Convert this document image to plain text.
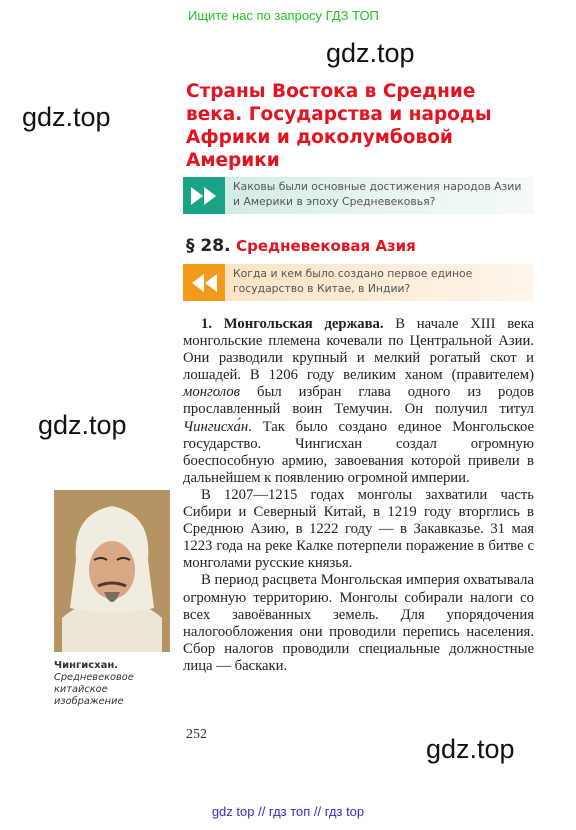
Ищите нас по запросу ГДЗ ТОП
gdz.top
gdz.top
gdz.top
gdz.top
Страны Востока в Средние века. Государства и народы Африки и доколумбовой Америки
Каковы были основные достижения народов Азии и Америки в эпоху Средневековья?
§ 28. Средневековая Азия
Когда и кем было создано первое единое государство в Китае, в Индии?

1. Монгольская держава. В начале XIII века монгольские племена кочевали по Центральной Азии. Они разводили крупный и мелкий рогатый скот и лошадей. В 1206 году великим ханом (правителем) монголов был избран глава одного из родов прославленный воин Темучин. Он получил титул Чингисха́н. Так было создано единое Монгольское государство. Чингисхан создал огромную боеспособную армию, завоевания которой привели в дальнейшем к появлению огромной империи.

В 1207—1215 годах монголы захватили часть Сибири и Северный Китай, в 1219 году вторглись в Среднюю Азию, в 1222 году — в Закавказье. 31 мая 1223 года на реке Калке потерпели поражение в битве с монголами русские князья.

В период расцвета Монгольская империя охватывала огромную территорию. Монголы собирали налоги со всех завоёванных земель. Для упорядочения налогообложения они проводили перепись населения. Сбор налогов проводили специальные должностные лица — баскаки.

Чингисхан.
Средневековое китайское изображение
252
gdz top // гдз топ // гдз top
